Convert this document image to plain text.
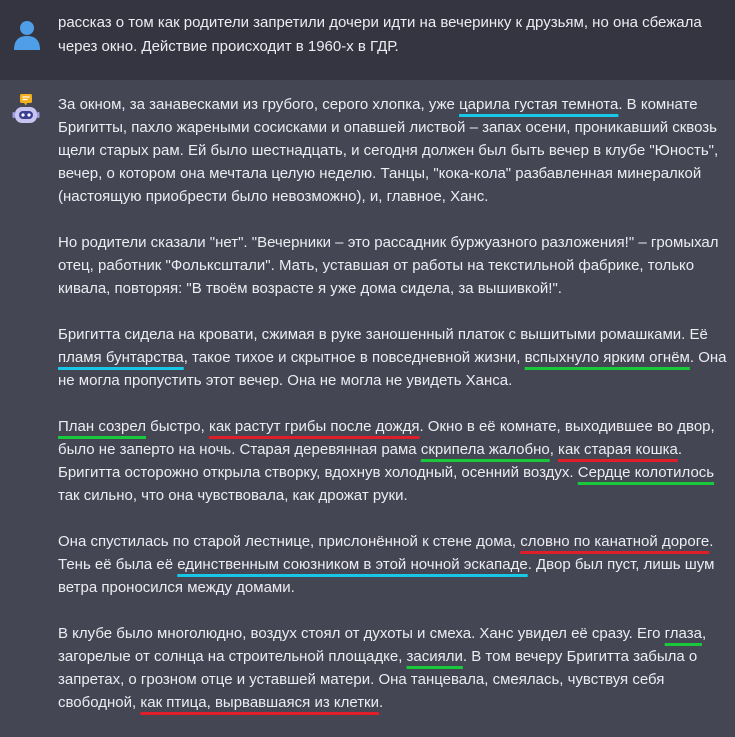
рассказ о том как родители запретили дочери идти на вечеринку к друзьям, но она сбежала через окно. Действие происходит в 1960-х в ГДР.

За окном, за занавесками из грубого, серого хлопка, уже царила густая темнота. В комнате Бригитты, пахло жареными сосисками и опавшей листвой – запах осени, проникавший сквозь щели старых рам. Ей было шестнадцать, и сегодня должен был быть вечер в клубе "Юность", вечер, о котором она мечтала целую неделю. Танцы, "кока-кола" разбавленная минералкой (настоящую приобрести было невозможно), и, главное, Ханс.

Но родители сказали "нет". "Вечерники – это рассадник буржуазного разложения!" – громыхал отец, работник "Фольксштали". Мать, уставшая от работы на текстильной фабрике, только кивала, повторяя: "В твоём возрасте я уже дома сидела, за вышивкой!".

Бригитта сидела на кровати, сжимая в руке заношенный платок с вышитыми ромашками. Её пламя бунтарства, такое тихое и скрытное в повседневной жизни, вспыхнуло ярким огнём. Она не могла пропустить этот вечер. Она не могла не увидеть Ханса.

План созрел быстро, как растут грибы после дождя. Окно в её комнате, выходившее во двор, было не заперто на ночь. Старая деревянная рама скрипела жалобно, как старая кошка. Бригитта осторожно открыла створку, вдохнув холодный, осенний воздух. Сердце колотилось так сильно, что она чувствовала, как дрожат руки.

Она спустилась по старой лестнице, прислонённой к стене дома, словно по канатной дороге. Тень её была её единственным союзником в этой ночной эскападе. Двор был пуст, лишь шум ветра проносился между домами.

В клубе было многолюдно, воздух стоял от духоты и смеха. Ханс увидел её сразу. Его глаза, загорелые от солнца на строительной площадке, засияли. В том вечеру Бригитта забыла о запретах, о грозном отце и уставшей матери. Она танцевала, смеялась, чувствуя себя свободной, как птица, вырвавшаяся из клетки.
